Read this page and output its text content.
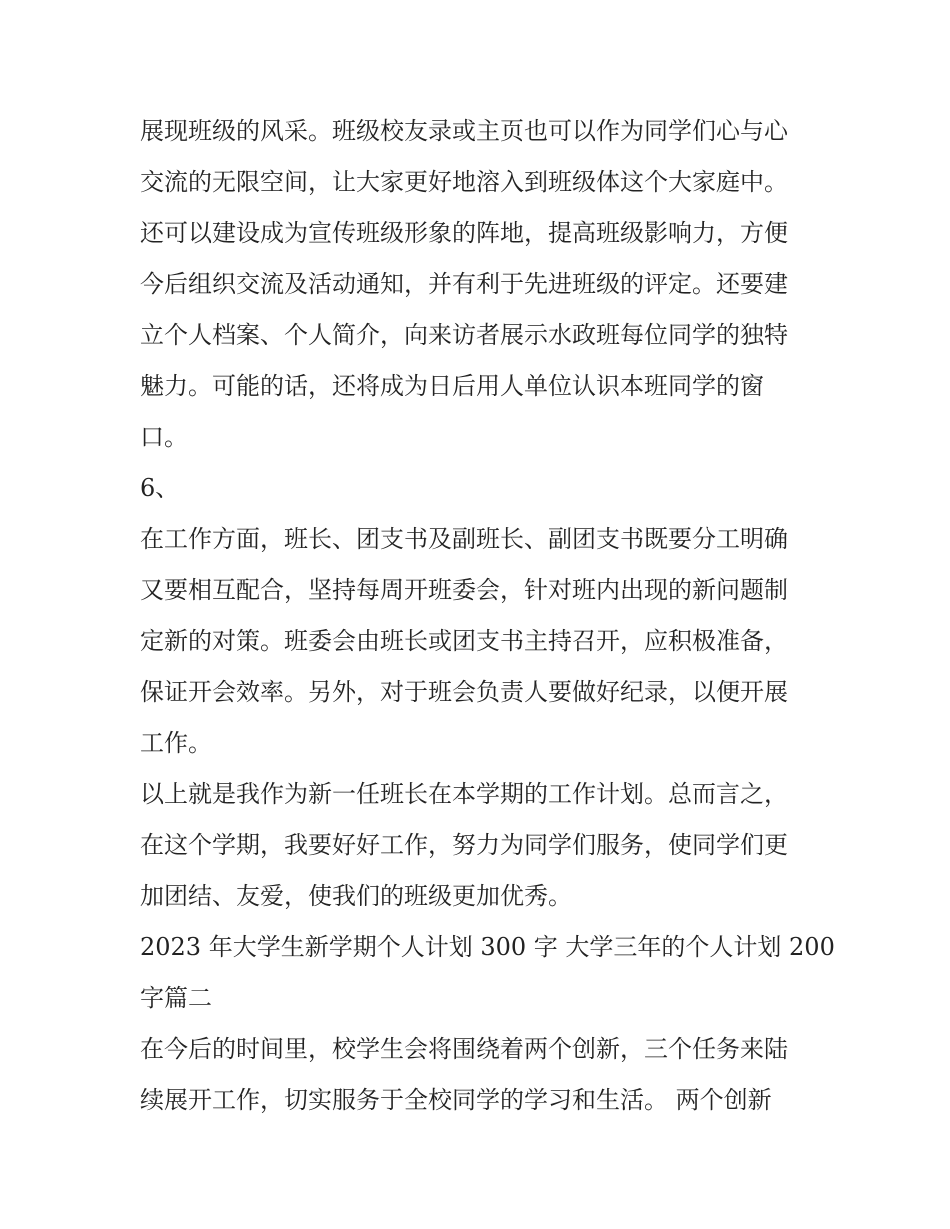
展现班级的风采。班级校友录或主页也可以作为同学们心与心
交流的无限空间，让大家更好地溶入到班级体这个大家庭中。
还可以建设成为宣传班级形象的阵地，提高班级影响力，方便
今后组织交流及活动通知，并有利于先进班级的评定。还要建
立个人档案、个人简介，向来访者展示水政班每位同学的独特
魅力。可能的话，还将成为日后用人单位认识本班同学的窗
口。
6、
在工作方面，班长、团支书及副班长、副团支书既要分工明确
又要相互配合，坚持每周开班委会，针对班内出现的新问题制
定新的对策。班委会由班长或团支书主持召开，应积极准备，
保证开会效率。另外，对于班会负责人要做好纪录，以便开展
工作。
以上就是我作为新一任班长在本学期的工作计划。总而言之，
在这个学期，我要好好工作，努力为同学们服务，使同学们更
加团结、友爱，使我们的班级更加优秀。
2023 年大学生新学期个人计划 300 字 大学三年的个人计划 200
字篇二
在今后的时间里，校学生会将围绕着两个创新，三个任务来陆
续展开工作，切实服务于全校同学的学习和生活。 两个创新
